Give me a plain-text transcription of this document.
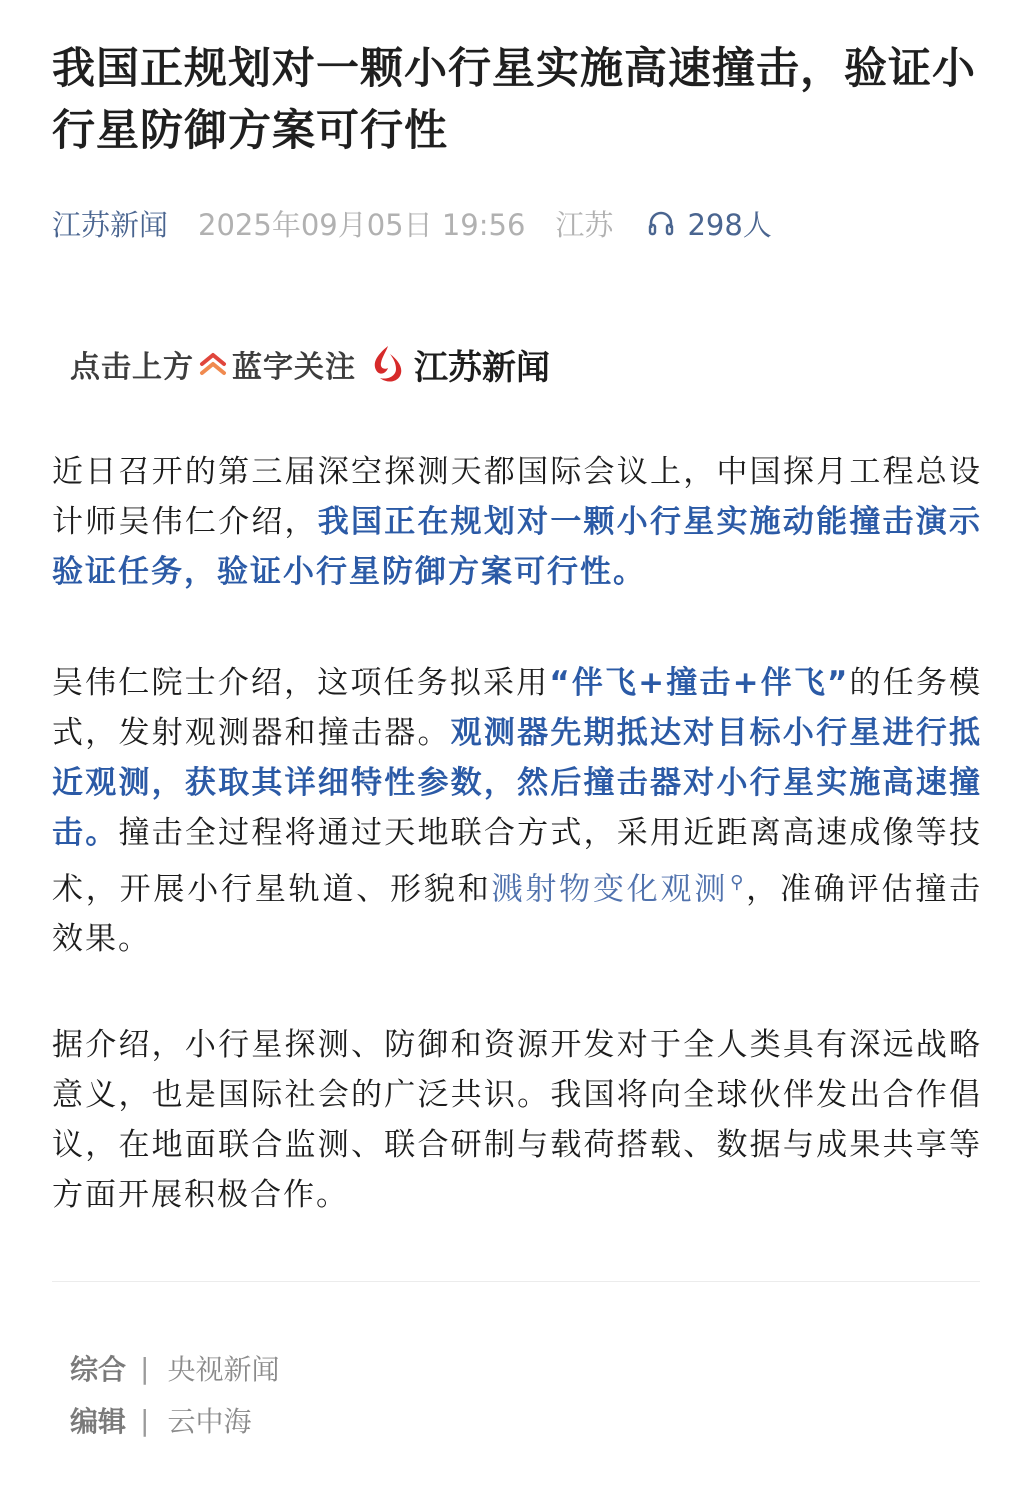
我国正规划对一颗小行星实施高速撞击，验证小行星防御方案可行性
江苏新闻 2025年09月05日 19:56 江苏	298人
点击上方 蓝字关注 江苏新闻

近日召开的第三届深空探测天都国际会议上，中国探月工程总设计师吴伟仁介绍，我国正在规划对一颗小行星实施动能撞击演示验证任务，验证小行星防御方案可行性。

吴伟仁院士介绍，这项任务拟采用“伴飞+撞击+伴飞”的任务模式，发射观测器和撞击器。观测器先期抵达对目标小行星进行抵近观测，获取其详细特性参数，然后撞击器对小行星实施高速撞击。撞击全过程将通过天地联合方式，采用近距离高速成像等技术，开展小行星轨道、形貌和溅射物变化观测 ⚲，准确评估撞击效果。

据介绍，小行星探测、防御和资源开发对于全人类具有深远战略意义，也是国际社会的广泛共识。我国将向全球伙伴发出合作倡议，在地面联合监测、联合研制与载荷搭载、数据与成果共享等方面开展积极合作。

综合 | 央视新闻
编辑 | 云中海
